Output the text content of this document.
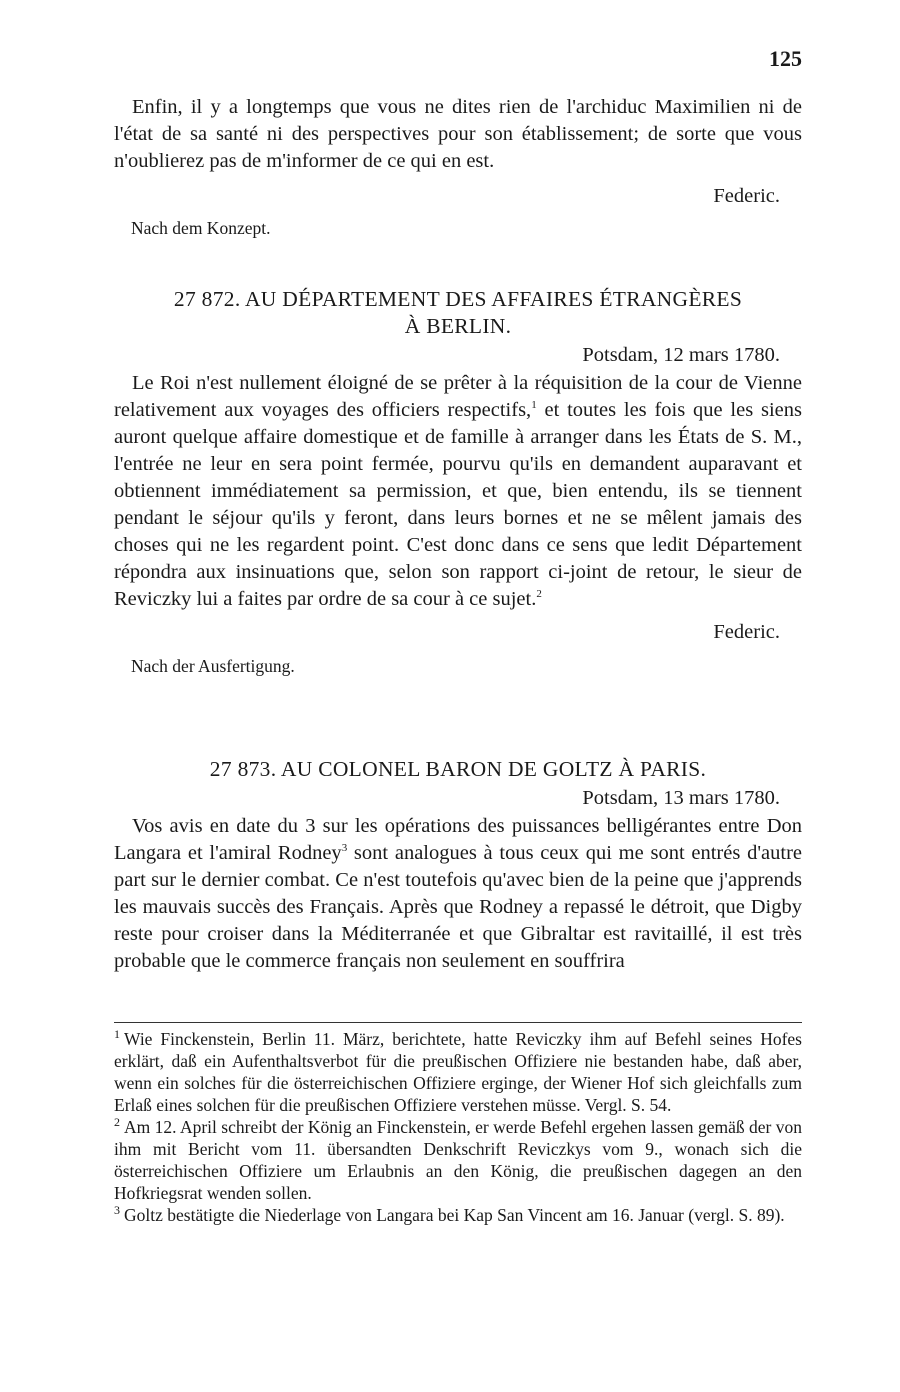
125

Enfin, il y a longtemps que vous ne dites rien de l'archiduc Maximilien ni de l'état de sa santé ni des perspectives pour son établissement; de sorte que vous n'oublierez pas de m'informer de ce qui en est.

Federic.

Nach dem Konzept.

27 872. AU DÉPARTEMENT DES AFFAIRES ÉTRANGÈRES

À BERLIN.

Potsdam, 12 mars 1780.

Le Roi n'est nullement éloigné de se prêter à la réquisition de la cour de Vienne relativement aux voyages des officiers respectifs,$^1$ et toutes les fois que les siens auront quelque affaire domestique et de famille à arranger dans les États de S. M., l'entrée ne leur en sera point fermée, pourvu qu'ils en demandent auparavant et obtiennent immédiatement sa permission, et que, bien entendu, ils se tiennent pendant le séjour qu'ils y feront, dans leurs bornes et ne se mêlent jamais des choses qui ne les regardent point. C'est donc dans ce sens que ledit Département répondra aux insinuations que, selon son rapport ci-joint de retour, le sieur de Reviczky lui a faites par ordre de sa cour à ce sujet.$^2$

Federic.

Nach der Ausfertigung.

27 873. AU COLONEL BARON DE GOLTZ À PARIS.

Potsdam, 13 mars 1780.

Vos avis en date du 3 sur les opérations des puissances belligérantes entre Don Langara et l'amiral Rodney$^3$ sont analogues à tous ceux qui me sont entrés d'autre part sur le dernier combat. Ce n'est toutefois qu'avec bien de la peine que j'apprends les mauvais succès des Français. Après que Rodney a repassé le détroit, que Digby reste pour croiser dans la Méditerranée et que Gibraltar est ravitaillé, il est très probable que le commerce français non seulement en souffrira

$^1$ Wie Finckenstein, Berlin 11. März, berichtete, hatte Reviczky ihm auf Befehl seines Hofes erklärt, daß ein Aufenthaltsverbot für die preußischen Offiziere nie bestanden habe, daß aber, wenn ein solches für die österreichischen Offiziere erginge, der Wiener Hof sich gleichfalls zum Erlaß eines solchen für die preußischen Offiziere verstehen müsse. Vergl. S. 54.

$^2$ Am 12. April schreibt der König an Finckenstein, er werde Befehl ergehen lassen gemäß der von ihm mit Bericht vom 11. übersandten Denkschrift Reviczkys vom 9., wonach sich die österreichischen Offiziere um Erlaubnis an den König, die preußischen dagegen an den Hofkriegsrat wenden sollen.

$^3$ Goltz bestätigte die Niederlage von Langara bei Kap San Vincent am 16. Januar (vergl. S. 89).
